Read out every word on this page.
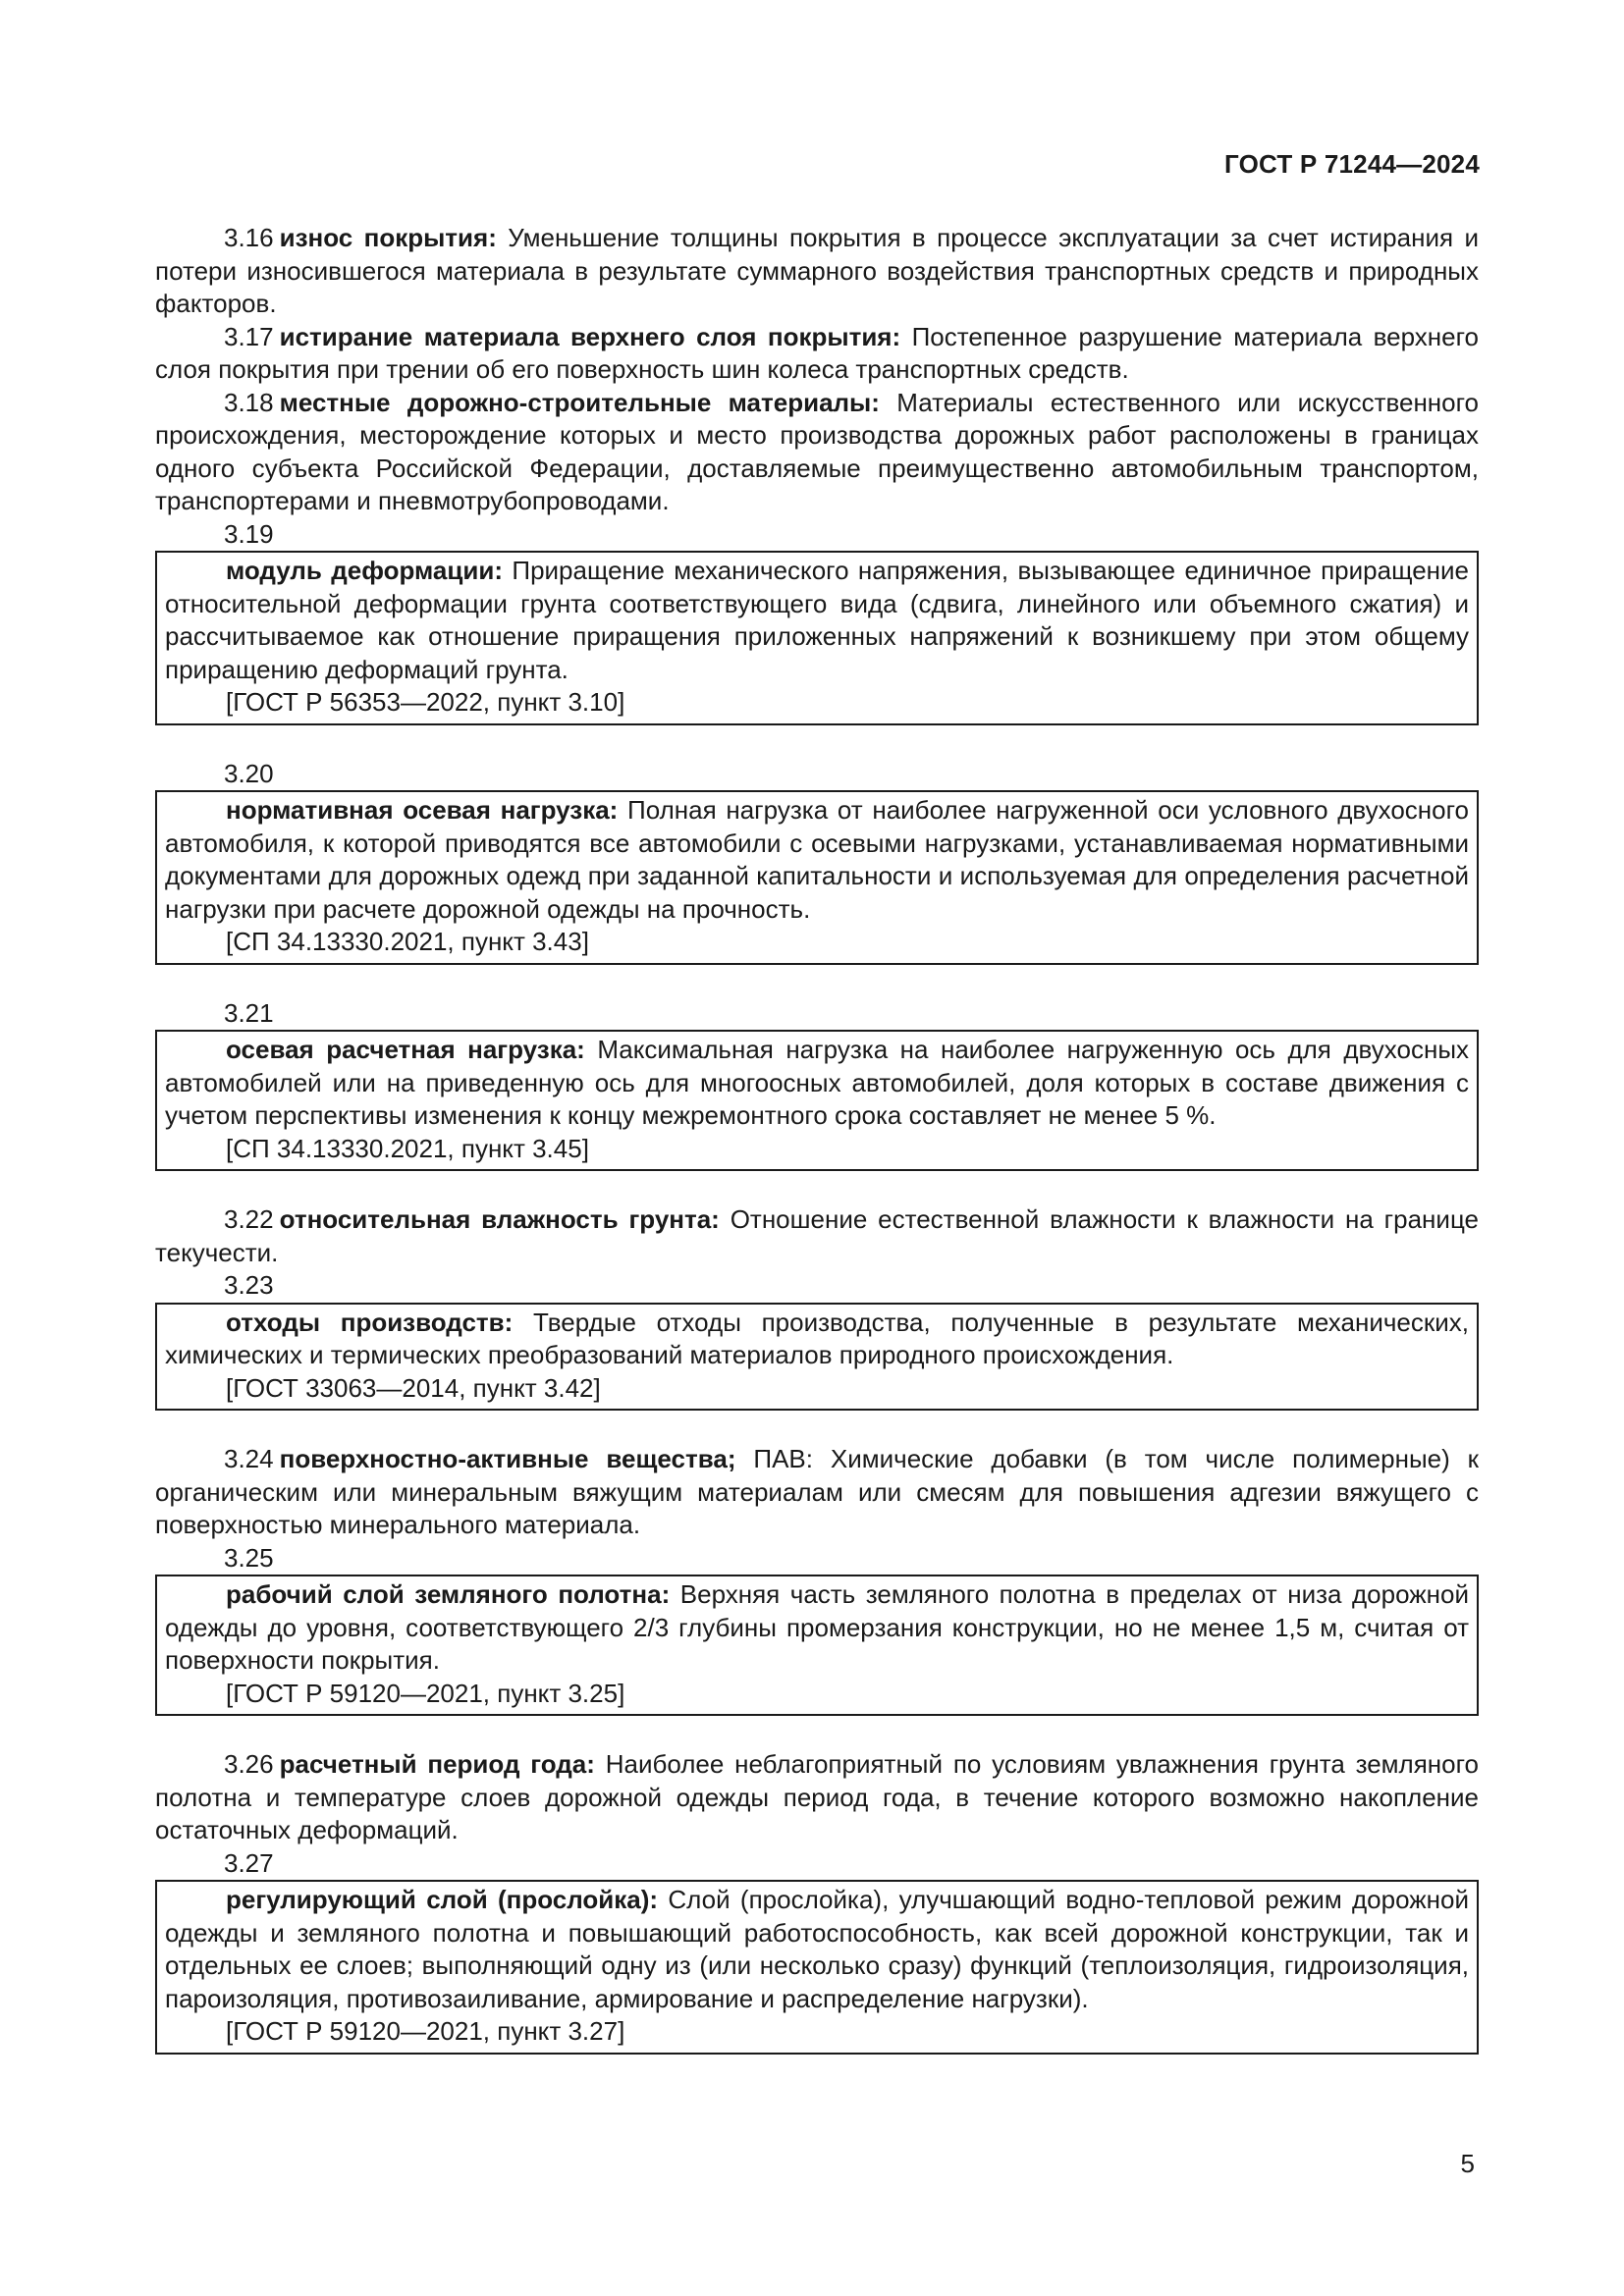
ГОСТ Р 71244—2024

3.16 износ покрытия: Уменьшение толщины покрытия в процессе эксплуатации за счет истирания и потери износившегося материала в результате суммарного воздействия транспортных средств и природных факторов.

3.17 истирание материала верхнего слоя покрытия: Постепенное разрушение материала верхнего слоя покрытия при трении об его поверхность шин колеса транспортных средств.

3.18 местные дорожно-строительные материалы: Материалы естественного или искусственного происхождения, месторождение которых и место производства дорожных работ расположены в границах одного субъекта Российской Федерации, доставляемые преимущественно автомобильным транспортом, транспортерами и пневмотрубопроводами.

3.19

модуль деформации: Приращение механического напряжения, вызывающее единичное приращение относительной деформации грунта соответствующего вида (сдвига, линейного или объемного сжатия) и рассчитываемое как отношение приращения приложенных напряжений к возникшему при этом общему приращению деформаций грунта.

[ГОСТ Р 56353—2022, пункт 3.10]

3.20

нормативная осевая нагрузка: Полная нагрузка от наиболее нагруженной оси условного двухосного автомобиля, к которой приводятся все автомобили с осевыми нагрузками, устанавливаемая нормативными документами для дорожных одежд при заданной капитальности и используемая для определения расчетной нагрузки при расчете дорожной одежды на прочность.

[СП 34.13330.2021, пункт 3.43]

3.21

осевая расчетная нагрузка: Максимальная нагрузка на наиболее нагруженную ось для двухосных автомобилей или на приведенную ось для многоосных автомобилей, доля которых в составе движения с учетом перспективы изменения к концу межремонтного срока составляет не менее 5 %.

[СП 34.13330.2021, пункт 3.45]

3.22 относительная влажность грунта: Отношение естественной влажности к влажности на границе текучести.

3.23

отходы производств: Твердые отходы производства, полученные в результате механических, химических и термических преобразований материалов природного происхождения.

[ГОСТ 33063—2014, пункт 3.42]

3.24 поверхностно-активные вещества; ПАВ: Химические добавки (в том числе полимерные) к органическим или минеральным вяжущим материалам или смесям для повышения адгезии вяжущего с поверхностью минерального материала.

3.25

рабочий слой земляного полотна: Верхняя часть земляного полотна в пределах от низа дорожной одежды до уровня, соответствующего 2/3 глубины промерзания конструкции, но не менее 1,5 м, считая от поверхности покрытия.

[ГОСТ Р 59120—2021, пункт 3.25]

3.26 расчетный период года: Наиболее неблагоприятный по условиям увлажнения грунта земляного полотна и температуре слоев дорожной одежды период года, в течение которого возможно накопление остаточных деформаций.

3.27

регулирующий слой (прослойка): Слой (прослойка), улучшающий водно-тепловой режим дорожной одежды и земляного полотна и повышающий работоспособность, как всей дорожной конструкции, так и отдельных ее слоев; выполняющий одну из (или несколько сразу) функций (теплоизоляция, гидроизоляция, пароизоляция, противозаиливание, армирование и распределение нагрузки).

[ГОСТ Р 59120—2021, пункт 3.27]

5
